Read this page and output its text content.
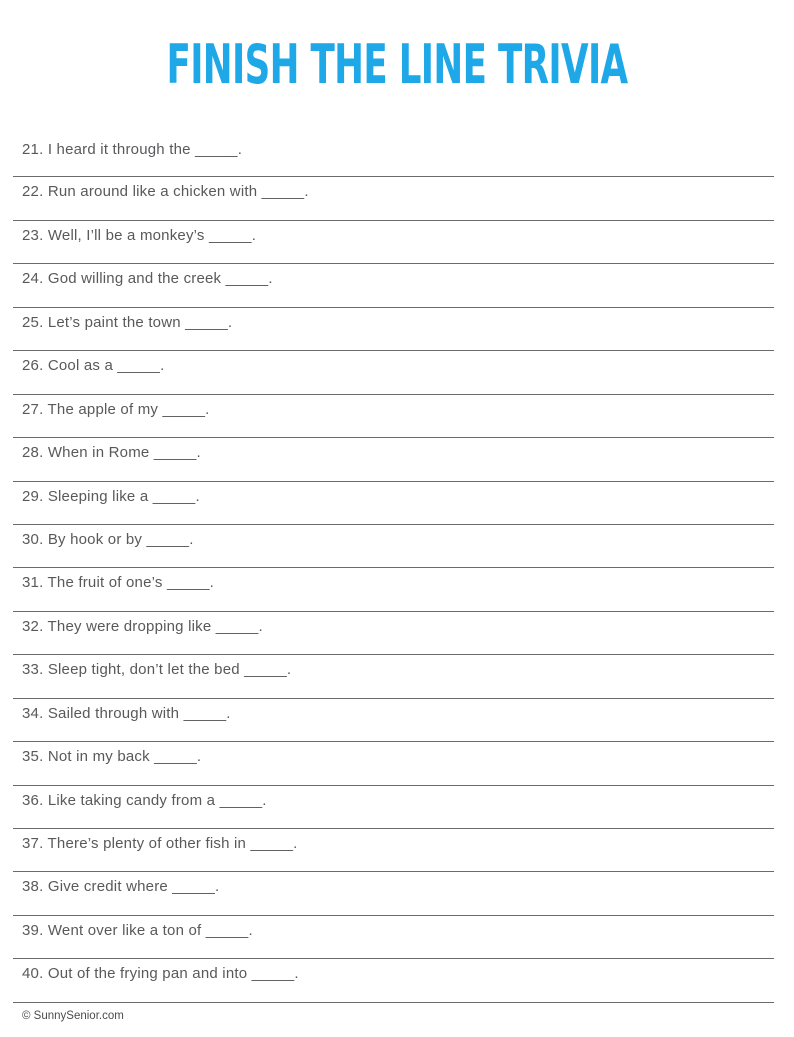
FINISH THE LINE TRIVIA
21. I heard it through the _____.
22. Run around like a chicken with _____.
23. Well, I’ll be a monkey’s _____.
24. God willing and the creek _____.
25. Let’s paint the town _____.
26. Cool as a _____.
27. The apple of my _____.
28. When in Rome _____.
29. Sleeping like a _____.
30. By hook or by _____.
31. The fruit of one’s _____.
32. They were dropping like _____.
33. Sleep tight, don’t let the bed _____.
34. Sailed through with _____.
35. Not in my back _____.
36. Like taking candy from a _____.
37. There’s plenty of other fish in _____.
38. Give credit where _____.
39. Went over like a ton of _____.
40. Out of the frying pan and into _____.
© SunnySenior.com
